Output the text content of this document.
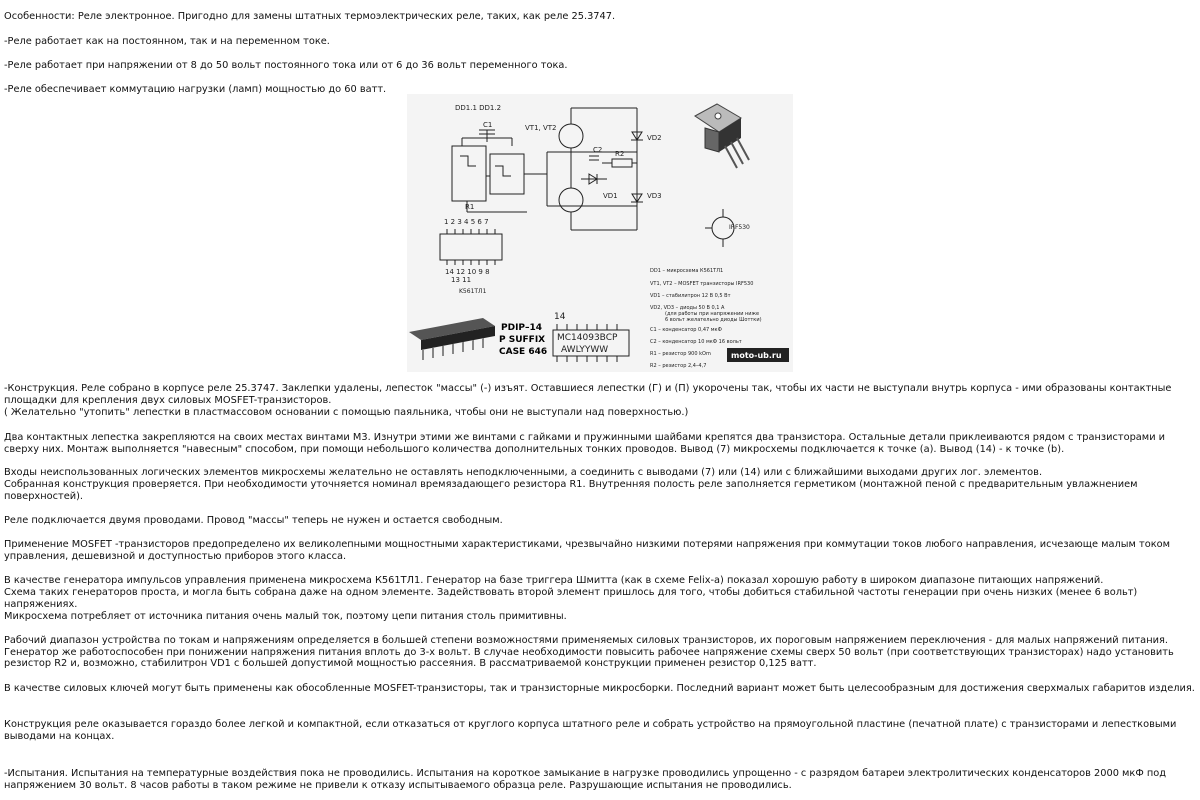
Особенности: Реле электронное. Пригодно для замены штатных термоэлектрических реле, таких, как реле 25.3747.

-Реле работает как на постоянном, так и на переменном токе.

-Реле работает при напряжении от 8 до 50 вольт постоянного тока или от 6 до 36 вольт переменного тока.

-Реле обеспечивает коммутацию нагрузки (ламп) мощностью до 60 ватт.

DD1.1 DD1.2
C1
R1
VT1, VT2
C2 R2
VD1
VD2
VD3
IRF530
1 2 3 4 5 6 7
14 12 10 9 8
13 11
K561TЛ1
14
MC14093BCP
AWLYYWW
PDIP–14
P SUFFIX
CASE 646
DD1 – микросхема К561ТЛ1
VT1, VT2 – MOSFET транзисторы IRF530
VD1 – стабилитрон 12 В 0,5 Вт
VD2, VD3 – диоды 50 В 0,1 А
(для работы при напряжении ниже
6 вольт желательно диоды Шоттки)
C1 – конденсатор 0,47 мкФ
C2 – конденсатор 10 мкФ 16 вольт
R1 – резистор 900 kOm
R2 – резистор 2,4–4,7
moto-ub.ru

-Конструкция. Реле собрано в корпусе реле 25.3747. Заклепки удалены, лепесток "массы" (-) изъят. Оставшиеся лепестки (Г) и (П) укорочены так, чтобы их части не выступали внутрь корпуса - ими образованы контактные площадки для крепления двух силовых MOSFET-транзисторов.

( Желательно "утопить" лепестки в пластмассовом основании с помощью паяльника, чтобы они не выступали над поверхностью.)

Два контактных лепестка закрепляются на своих местах винтами М3. Изнутри этими же винтами с гайками и пружинными шайбами крепятся два транзистора. Остальные детали приклеиваются рядом с транзисторами и сверху них. Монтаж выполняется "навесным" способом, при помощи небольшого количества дополнительных тонких проводов. Вывод (7) микросхемы подключается к точке (а). Вывод (14) - к точке (b).

Входы неиспользованных логических элементов микросхемы желательно не оставлять неподключенными, а соединить с выводами (7) или (14) или с ближайшими выходами других лог. элементов.

Собранная конструкция проверяется. При необходимости уточняется номинал времязадающего резистора R1. Внутренняя полость реле заполняется герметиком (монтажной пеной с предварительным увлажнением поверхностей).

Реле подключается двумя проводами. Провод "массы" теперь не нужен и остается свободным.

Применение MOSFET -транзисторов предопределено их великолепными мощностными характеристиками, чрезвычайно низкими потерями напряжения при коммутации токов любого направления, исчезающе малым током управления, дешевизной и доступностью приборов этого класса.

В качестве генератора импульсов управления применена микросхема К561ТЛ1. Генератор на базе триггера Шмитта (как в схеме Felix-а) показал хорошую работу в широком диапазоне питающих напряжений.

Схема таких генераторов проста, и могла быть собрана даже на одном элементе. Задействовать второй элемент пришлось для того, чтобы добиться стабильной частоты генерации при очень низких (менее 6 вольт) напряжениях.

Микросхема потребляет от источника питания очень малый ток, поэтому цепи питания столь примитивны.

Рабочий диапазон устройства по токам и напряжениям определяется в большей степени возможностями применяемых силовых транзисторов, их пороговым напряжением переключения - для малых напряжений питания. Генератор же работоспособен при понижении напряжения питания вплоть до 3-х вольт. В случае необходимости повысить рабочее напряжение схемы сверх 50 вольт (при соответствующих транзисторах) надо установить резистор R2 и, возможно, стабилитрон VD1 с большей допустимой мощностью рассеяния. В рассматриваемой конструкции применен резистор 0,125 ватт.

В качестве силовых ключей могут быть применены как обособленные MOSFET-транзисторы, так и транзисторные микросборки. Последний вариант может быть целесообразным для достижения сверхмалых габаритов изделия.

Конструкция реле оказывается гораздо более легкой и компактной, если отказаться от круглого корпуса штатного реле и собрать устройство на прямоугольной пластине (печатной плате) с транзисторами и лепестковыми выводами на концах.

-Испытания. Испытания на температурные воздействия пока не проводились. Испытания на короткое замыкание в нагрузке проводились упрощенно - с разрядом батареи электролитических конденсаторов 2000 мкФ под напряжением 30 вольт. 8 часов работы в таком режиме не привели к отказу испытываемого образца реле. Разрушающие испытания не проводились.
